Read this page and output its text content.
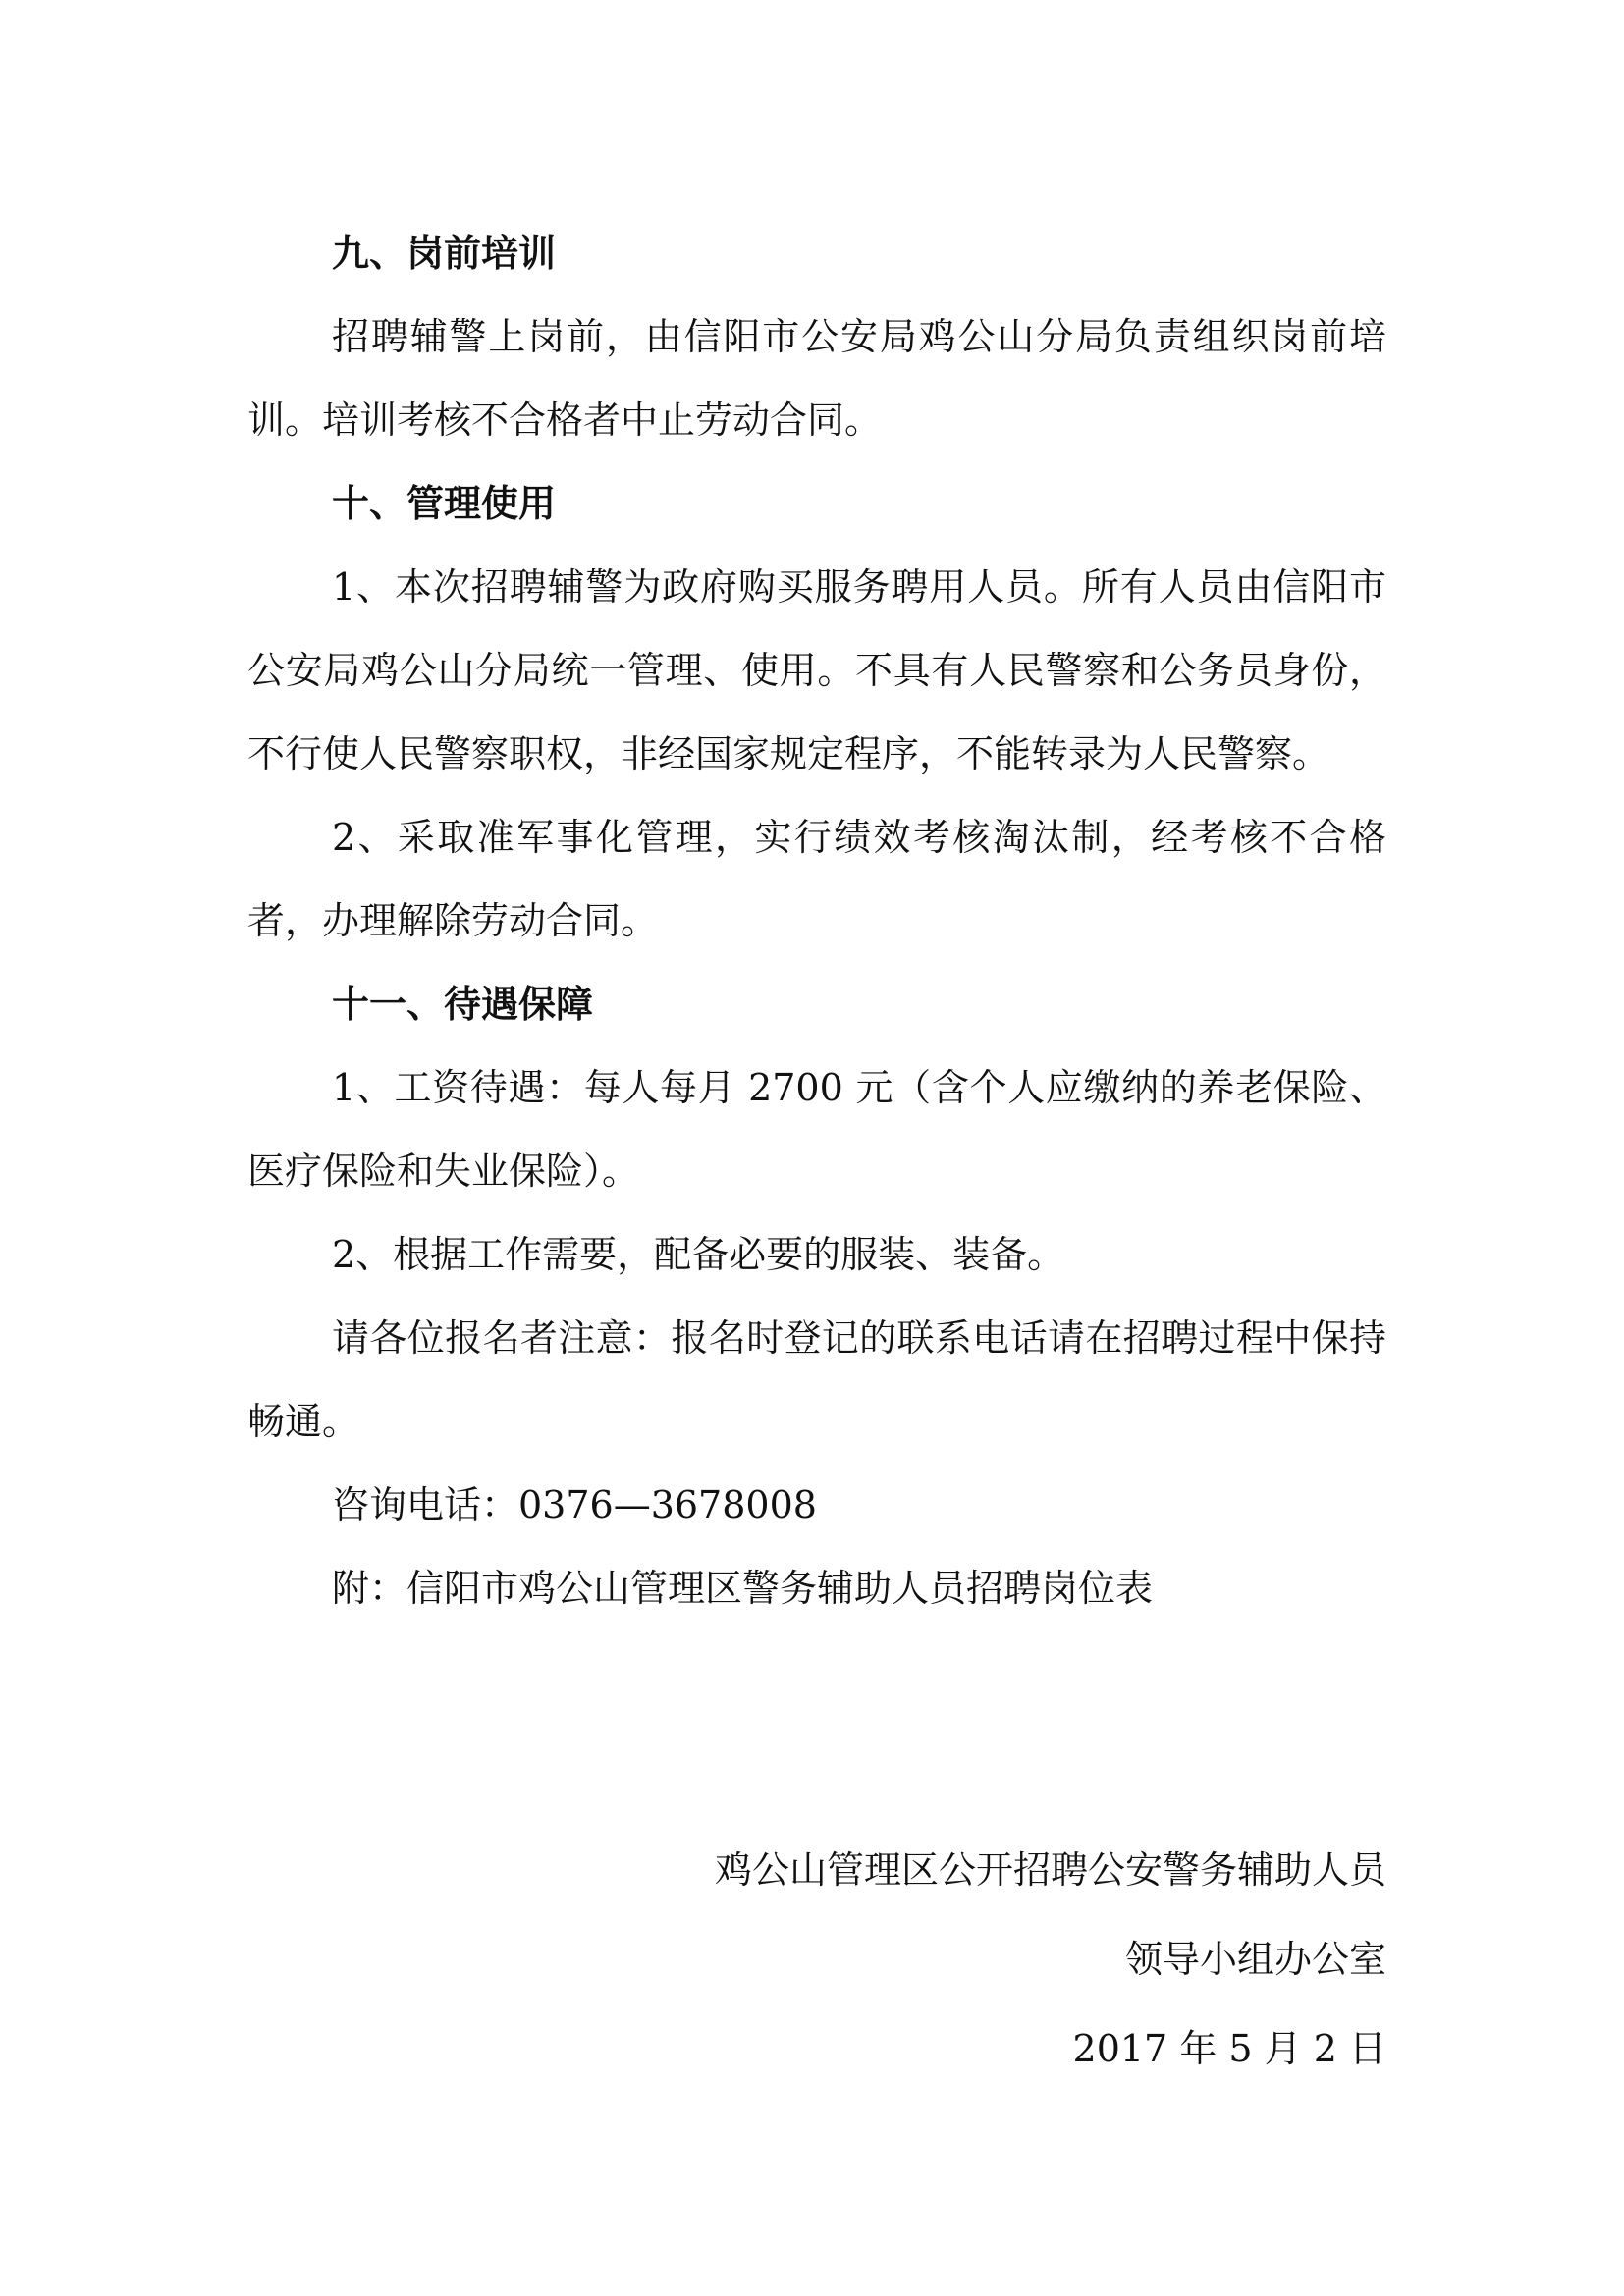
九、岗前培训

招聘辅警上岗前，由信阳市公安局鸡公山分局负责组织岗前培训。培训考核不合格者中止劳动合同。

十、管理使用

1、本次招聘辅警为政府购买服务聘用人员。所有人员由信阳市公安局鸡公山分局统一管理、使用。不具有人民警察和公务员身份，不行使人民警察职权，非经国家规定程序，不能转录为人民警察。

2、采取准军事化管理，实行绩效考核淘汰制，经考核不合格者，办理解除劳动合同。

十一、待遇保障

1、工资待遇：每人每月 2700 元（含个人应缴纳的养老保险、医疗保险和失业保险）。

2、根据工作需要，配备必要的服装、装备。

请各位报名者注意：报名时登记的联系电话请在招聘过程中保持畅通。

咨询电话：0376—3678008
附：信阳市鸡公山管理区警务辅助人员招聘岗位表
鸡公山管理区公开招聘公安警务辅助人员
领导小组办公室
2017 年 5 月 2 日
